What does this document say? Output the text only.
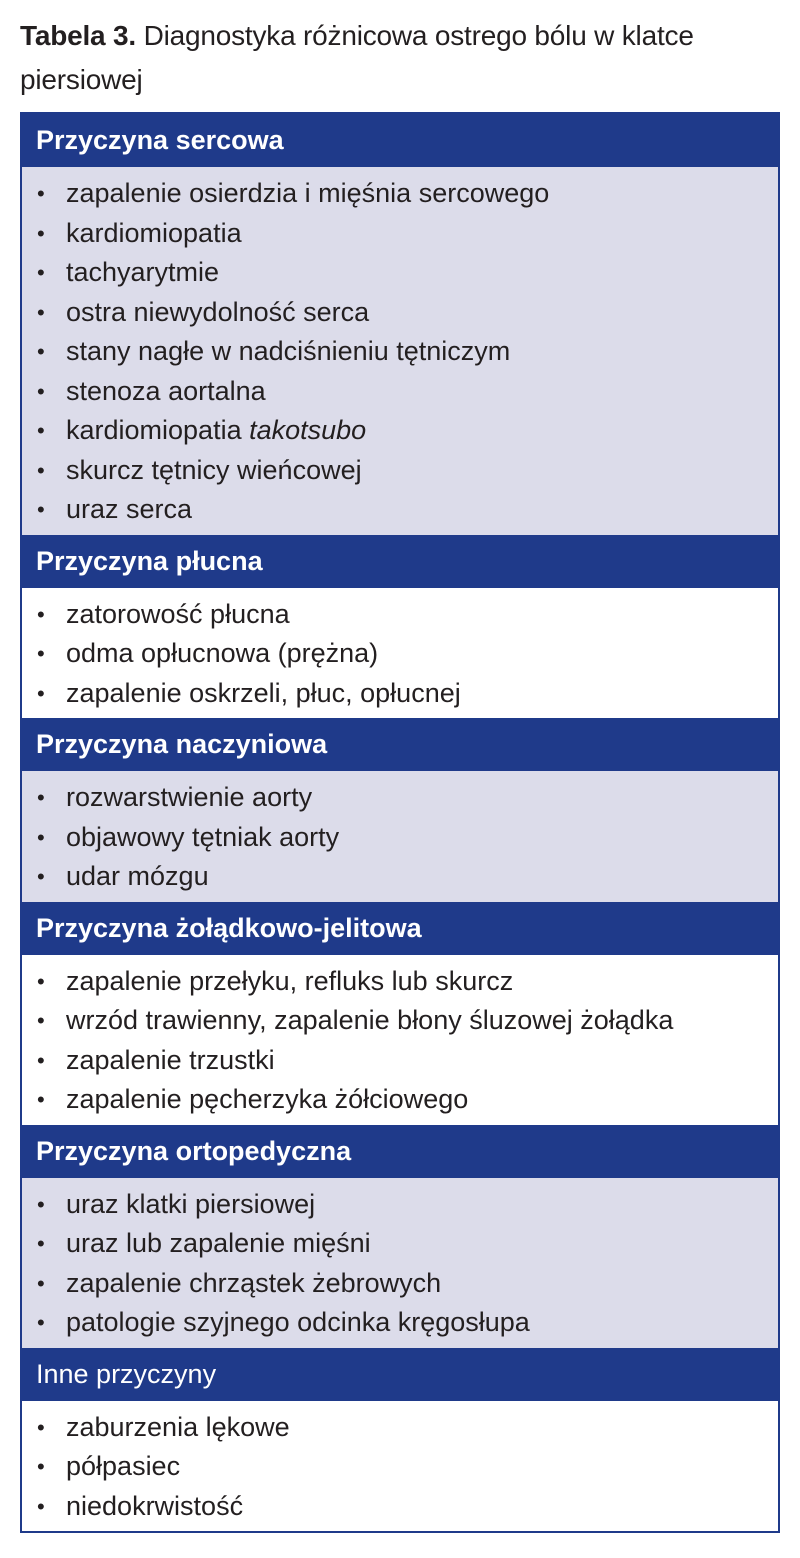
Tabela 3. Diagnostyka różnicowa ostrego bólu w klatce piersiowej
Przyczyna sercowa
• zapalenie osierdzia i mięśnia sercowego
• kardiomiopatia
• tachyarytmie
• ostra niewydolność serca
• stany nagłe w nadciśnieniu tętniczym
• stenoza aortalna
• kardiomiopatia takotsubo
• skurcz tętnicy wieńcowej
• uraz serca
Przyczyna płucna
• zatorowość płucna
• odma opłucnowa (prężna)
• zapalenie oskrzeli, płuc, opłucnej
Przyczyna naczyniowa
• rozwarstwienie aorty
• objawowy tętniak aorty
• udar mózgu
Przyczyna żołądkowo-jelitowa
• zapalenie przełyku, refluks lub skurcz
• wrzód trawienny, zapalenie błony śluzowej żołądka
• zapalenie trzustki
• zapalenie pęcherzyka żółciowego
Przyczyna ortopedyczna
• uraz klatki piersiowej
• uraz lub zapalenie mięśni
• zapalenie chrząstek żebrowych
• patologie szyjnego odcinka kręgosłupa
Inne przyczyny
• zaburzenia lękowe
• półpasiec
• niedokrwistość
